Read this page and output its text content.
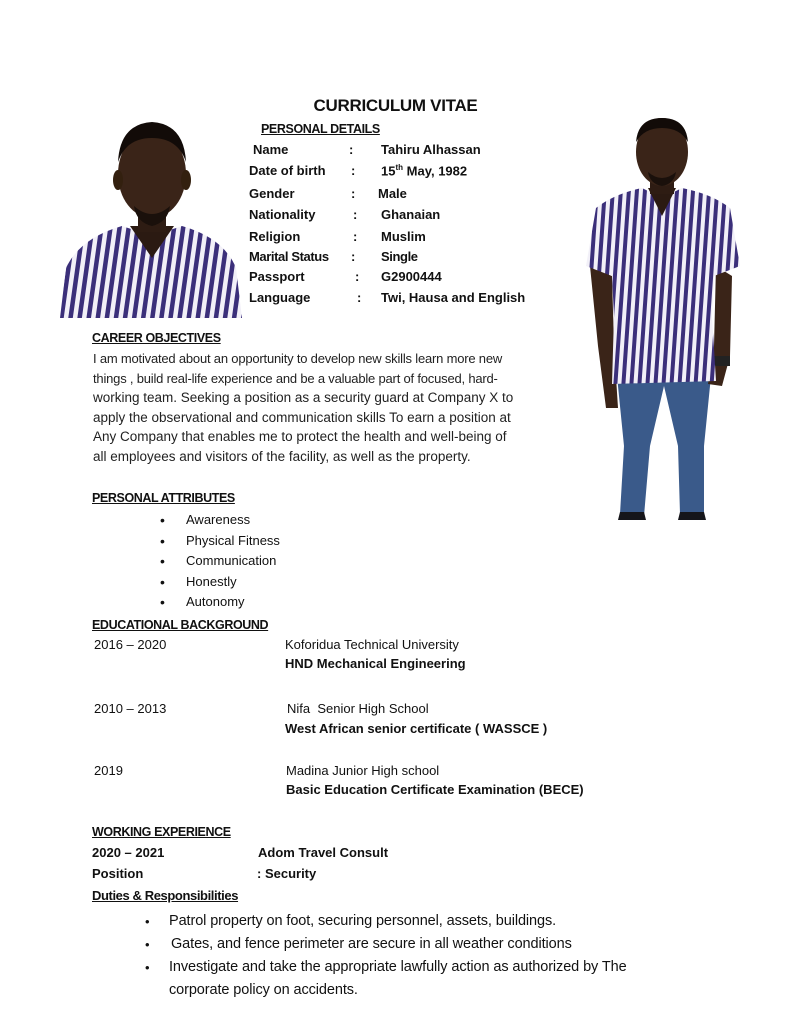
CURRICULUM VITAE
PERSONAL DETAILS
Name	: Tahiru Alhassan
Date of birth : 15th May, 1982
Gender	: Male
Nationality	: Ghanaian
Religion	: Muslim
Marital Status : Single
Passport	: G2900444
Language	: Twi, Hausa and English
CAREER OBJECTIVES
I am motivated about an opportunity to develop new skills learn more new
things , build real-life experience and be a valuable part of focused, hard-
working team. Seeking a position as a security guard at Company X to
apply the observational and communication skills To earn a position at
Any Company that enables me to protect the health and well-being of
all employees and visitors of the facility, as well as the property.
PERSONAL ATTRIBUTES
• Awareness
• Physical Fitness
• Communication
• Honestly
• Autonomy
EDUCATIONAL BACKGROUND
2016 – 2020	Koforidua Technical University
HND Mechanical Engineering
2010 – 2013	Nifa  Senior High School
West African senior certificate ( WASSCE )
2019	Madina Junior High school
Basic Education Certificate Examination (BECE)
WORKING EXPERIENCE
2020 – 2021	Adom Travel Consult
Position	: Security
Duties & Responsibilities
• Patrol property on foot, securing personnel, assets, buildings.
• Gates, and fence perimeter are secure in all weather conditions
• Investigate and take the appropriate lawfully action as authorized by The corporate policy on accidents.
